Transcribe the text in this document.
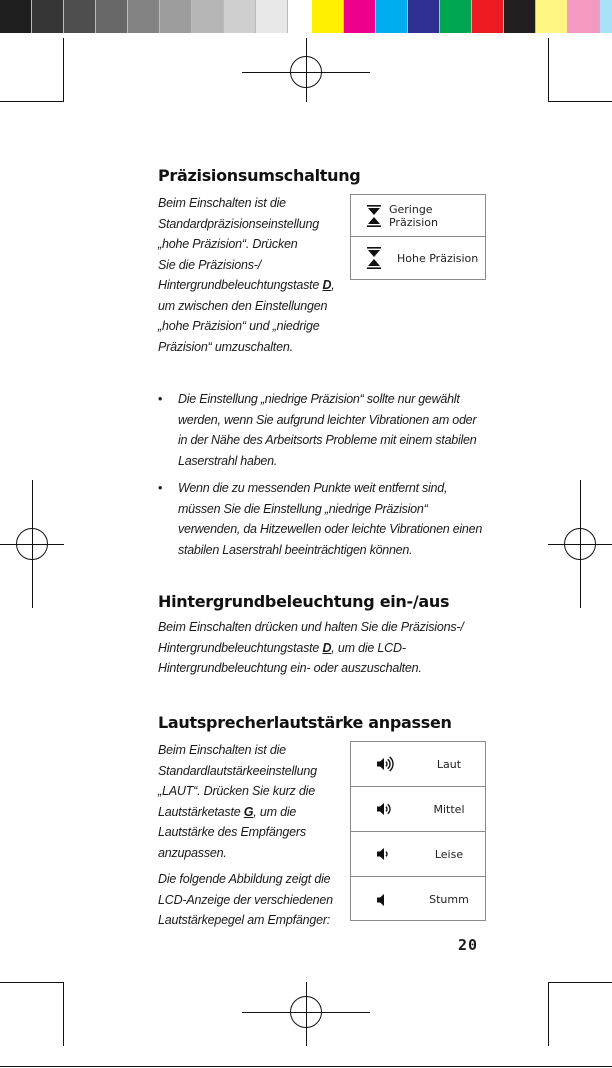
Präzisionsumschaltung
Beim Einschalten ist die
Standardpräzisionseinstellung
„hohe Präzision“. Drücken
Sie die Präzisions-/
Hintergrundbeleuchtungstaste D,
um zwischen den Einstellungen
„hohe Präzision“ und „niedrige
Präzision“ umzuschalten.
Geringe Präzision
Hohe Präzision
• Die Einstellung „niedrige Präzision“ sollte nur gewählt werden, wenn Sie aufgrund leichter Vibrationen am oder in der Nähe des Arbeitsorts Probleme mit einem stabilen Laserstrahl haben.
• Wenn die zu messenden Punkte weit entfernt sind, müssen Sie die Einstellung „niedrige Präzision“ verwenden, da Hitzewellen oder leichte Vibrationen einen stabilen Laserstrahl beeinträchtigen können.
Hintergrundbeleuchtung ein-/aus
Beim Einschalten drücken und halten Sie die Präzisions-/
Hintergrundbeleuchtungstaste D, um die LCD-
Hintergrundbeleuchtung ein- oder auszuschalten.
Lautsprecherlautstärke anpassen
Beim Einschalten ist die
Standardlautstärkeeinstellung
„LAUT“. Drücken Sie kurz die
Lautstärketaste G, um die
Lautstärke des Empfängers
anzupassen.
Die folgende Abbildung zeigt die
LCD-Anzeige der verschiedenen
Lautstärkepegel am Empfänger:
Laut
Mittel
Leise
Stumm
20
